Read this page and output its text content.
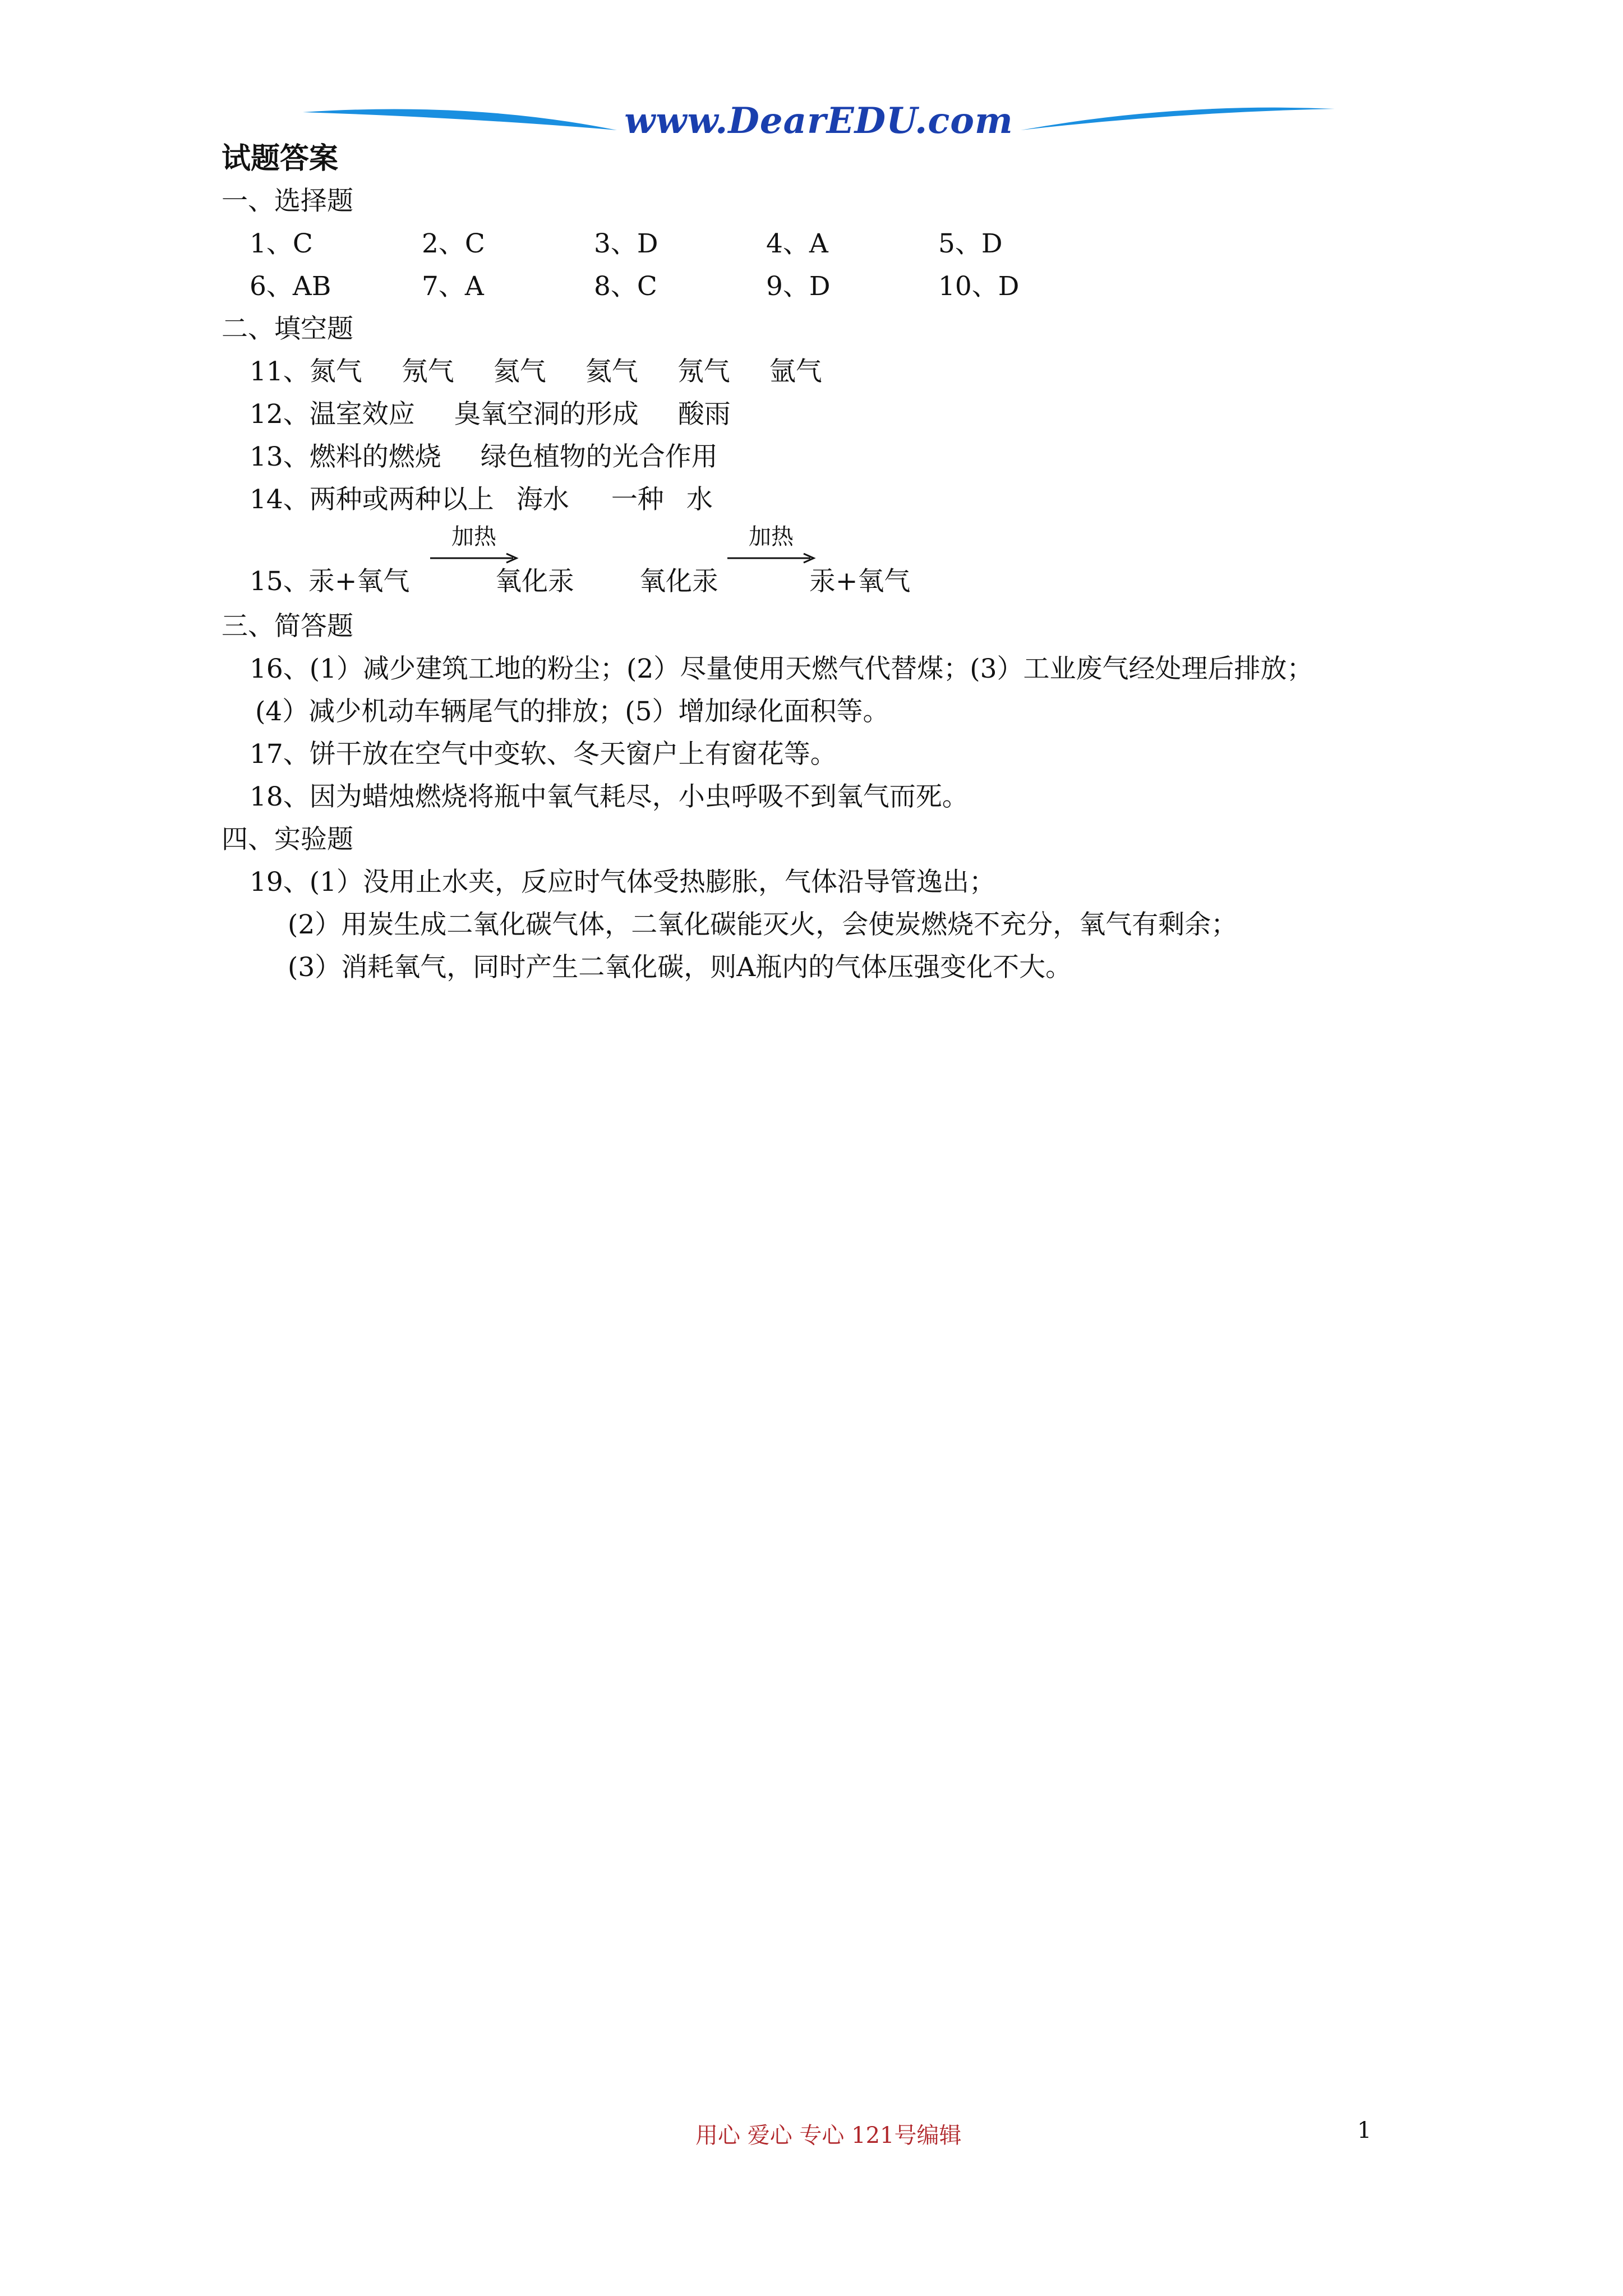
www.DearEDU.com
试题答案
一、选择题
1、C	2、C	3、D	4、A	5、D
6、AB	7、A	8、C	9、D	10、D
二、填空题
11、氮气 氖气 氦气 氦气 氖气 氩气
12、温室效应 臭氧空洞的形成 酸雨
13、燃料的燃烧 绿色植物的光合作用
14、两种或两种以上 海水 一种 水
15、
汞+氧气
加热
氧化汞 氧化汞
加热
汞+氧气
三、简答题
16、(1）减少建筑工地的粉尘；(2）尽量使用天燃气代替煤；(3）工业废气经处理后排放；
(4）减少机动车辆尾气的排放；(5）增加绿化面积等。
17、饼干放在空气中变软、冬天窗户上有窗花等。
18、因为蜡烛燃烧将瓶中氧气耗尽，小虫呼吸不到氧气而死。
四、实验题
19、(1）没用止水夹，反应时气体受热膨胀，气体沿导管逸出；
(2）用炭生成二氧化碳气体，二氧化碳能灭火，会使炭燃烧不充分，氧气有剩余；
(3）消耗氧气，同时产生二氧化碳，则A瓶内的气体压强变化不大。
用心 爱心 专心 121号编辑	1
